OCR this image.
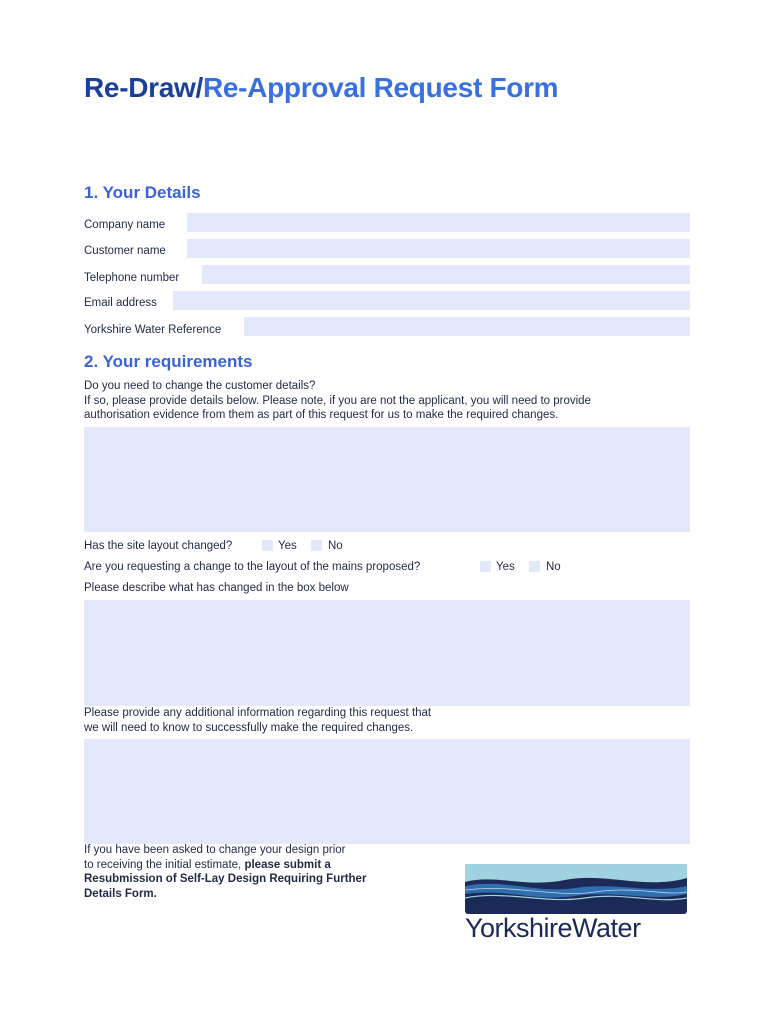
Re-Draw/Re-Approval Request Form
1. Your Details
Company name
Customer name
Telephone number
Email address
Yorkshire Water Reference
2. Your requirements

Do you need to change the customer details?
If so, please provide details below. Please note, if you are not the applicant, you will need to provide
authorisation evidence from them as part of this request for us to make the required changes.

Has the site layout changed?	Yes	No
Are you requesting a change to the layout of the mains proposed?	Yes	No
Please describe what has changed in the box below

Please provide any additional information regarding this request that
we will need to know to successfully make the required changes.

If you have been asked to change your design prior
to receiving the initial estimate, please submit a
Resubmission of Self-Lay Design Requiring Further
Details Form.

YorkshireWater
